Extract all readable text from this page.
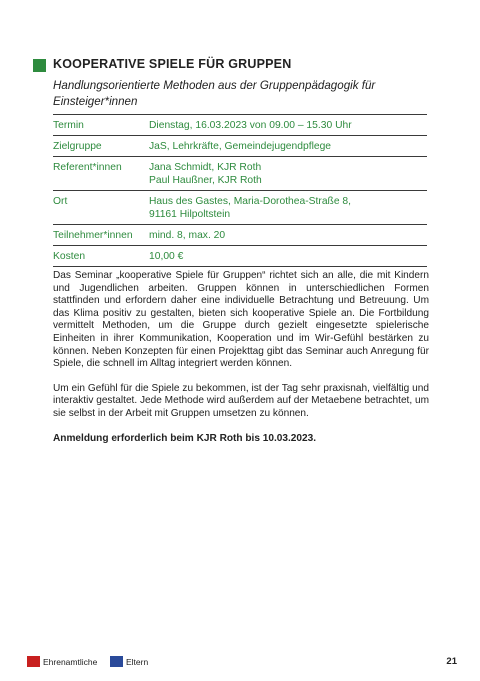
KOOPERATIVE SPIELE FÜR GRUPPEN
Handlungsorientierte Methoden aus der Gruppenpädagogik für Einsteiger*innen
Termin	Dienstag, 16.03.2023 von 09.00 – 15.30 Uhr
Zielgruppe	JaS, Lehrkräfte, Gemeindejugendpflege
Referent*innen	Jana Schmidt, KJR Roth
Paul Haußner, KJR Roth

Ort	Haus des Gastes, Maria-Dorothea-Straße 8,
91161 Hilpoltstein

Teilnehmer*innen	mind. 8, max. 20
Kosten	10,00 €

Das Seminar „kooperative Spiele für Gruppen“ richtet sich an alle, die mit Kindern und Jugendlichen arbeiten. Gruppen können in unterschiedlichen Formen stattfinden und erfordern daher eine individuelle Betrachtung und Betreuung. Um das Klima positiv zu gestalten, bieten sich kooperative Spiele an. Die Fortbildung vermittelt Methoden, um die Gruppe durch gezielt eingesetzte spielerische Einheiten in ihrer Kommunikation, Kooperation und im Wir-Gefühl bestärken zu können. Neben Konzepten für einen Projekttag gibt das Seminar auch Anregung für Spiele, die schnell im Alltag integriert werden können.

Um ein Gefühl für die Spiele zu bekommen, ist der Tag sehr praxisnah, vielfältig und interaktiv gestaltet. Jede Methode wird außerdem auf der Metaebene betrachtet, um sie selbst in der Arbeit mit Gruppen umsetzen zu können.

Anmeldung erforderlich beim KJR Roth bis 10.03.2023.

Ehrenamtliche	Eltern	21
